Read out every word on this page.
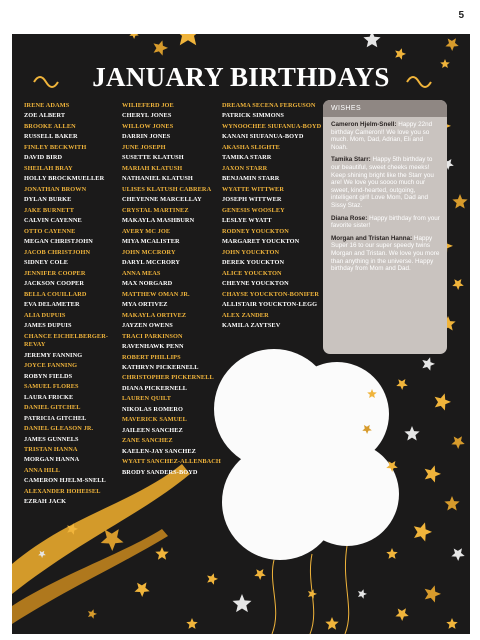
5
JANUARY BIRTHDAYS
IRENE ADAMS
ZOE ALBERT
BROOKE ALLEN
RUSSELL BAKER
FINLEY BECKWITH
DAVID BIRD
SHEILAH BRAY
HOLLY BROCKMUELLER
JONATHAN BROWN
DYLAN BURKE
JAKE BURNETT
CALVIN CAYENNE
OTTO CAYENNE
MEGAN CHRISTJOHN
JACOB CHRISTJOHN
SIDNEY COLE
JENNIFER COOPER
JACKSON COOPER
BELLA COUILLARD
EVA DELAMETER
ALIA DUPUIS
JAMES DUPUIS
CHANCE EICHELBERGER-REVAY
JEREMY FANNING
JOYCE FANNING
ROBYN FIELDS
SAMUEL FLORES
LAURA FRICKE
DANIEL GITCHEL
PATRICIA GITCHEL
DANIEL GLEASON JR.
JAMES GUNNELS
TRISTAN HANNA
MORGAN HANNA
ANNA HILL
CAMERON HJELM-SNELL
ALEXANDER HOHEISEL
EZRAH JACK
WILIEFERD JOE
CHERYL JONES
WILLOW JONES
DARRIN JONES
JUNE JOSEPH
SUSETTE KLATUSH
MARIAH KLATUSH
NATHANIEL KLATUSH
ULISES KLATUSH CABRERA
CHEYENNE MARCELLAY
CRYSTAL MARTINEZ
MAKAYLA MASHBURN
AVERY MC JOE
MIYA MCALISTER
JOHN MCCRORY
DARYL MCCRORY
ANNA MEAS
MAX NORGARD
MATTHEW OMAN JR.
MYA ORTIVEZ
MAKAYLA ORTIVEZ
JAYZEN OWENS
TRACI PARKINSON
RAVENHAWK PENN
ROBERT PHILLIPS
KATHRYN PICKERNELL
CHRISTOPHER PICKERNELL
DIANA PICKERNELL
LAUREN QUILT
NIKOLAS ROMERO
MAVERICK SAMUEL
JAILEEN SANCHEZ
ZANE SANCHEZ
KAELEN-JAY SANCHEZ
WYATT SANCHEZ-ALLENBACH
BRODY SANDERS-BOYD
DREAMA SECENA FERGUSON
PATRICK SIMMONS
WYNOOCHEE SIUFANUA-BOYD
KANANI SIUFANUA-BOYD
AKASHA SLIGHTE
TAMIKA STARR
JAXON STARR
BENJAMIN STARR
WYATTE WITTWER
JOSEPH WITTWER
GENESIS WOOSLEY
LESLYE WYATT
RODNEY YOUCKTON
MARGARET YOUCKTON
JOHN YOUCKTON
DEREK YOUCKTON
ALICE YOUCKTON
CHEYNE YOUCKTON
CHAYSE YOUCKTON-BONIFER
ALLISTAIR YOUCKTON-LEGG
ALEX ZANDER
KAMILA ZAYTSEV
WISHES

Cameron Hjelm-Snell: Happy 22nd birthday Cameron!! We love you so much. Mom, Dad, Adrian, Eli and Noah.

Tamika Starr: Happy 5th birthday to our beautiful, sweet cheeks meeks! Keep shining bright like the Starr you are! We love you soooo much our sweet, kind-hearted, outgoing, intelligent girl! Love Mom, Dad and Sissy Staz.

Diana Rose: Happy birthday from your favorite sister!

Morgan and Tristan Hanna: Happy Super 16 to our super speedy twins Morgan and Tristan. We love you more than anything in the universe. Happy birthday from Mom and Dad.
